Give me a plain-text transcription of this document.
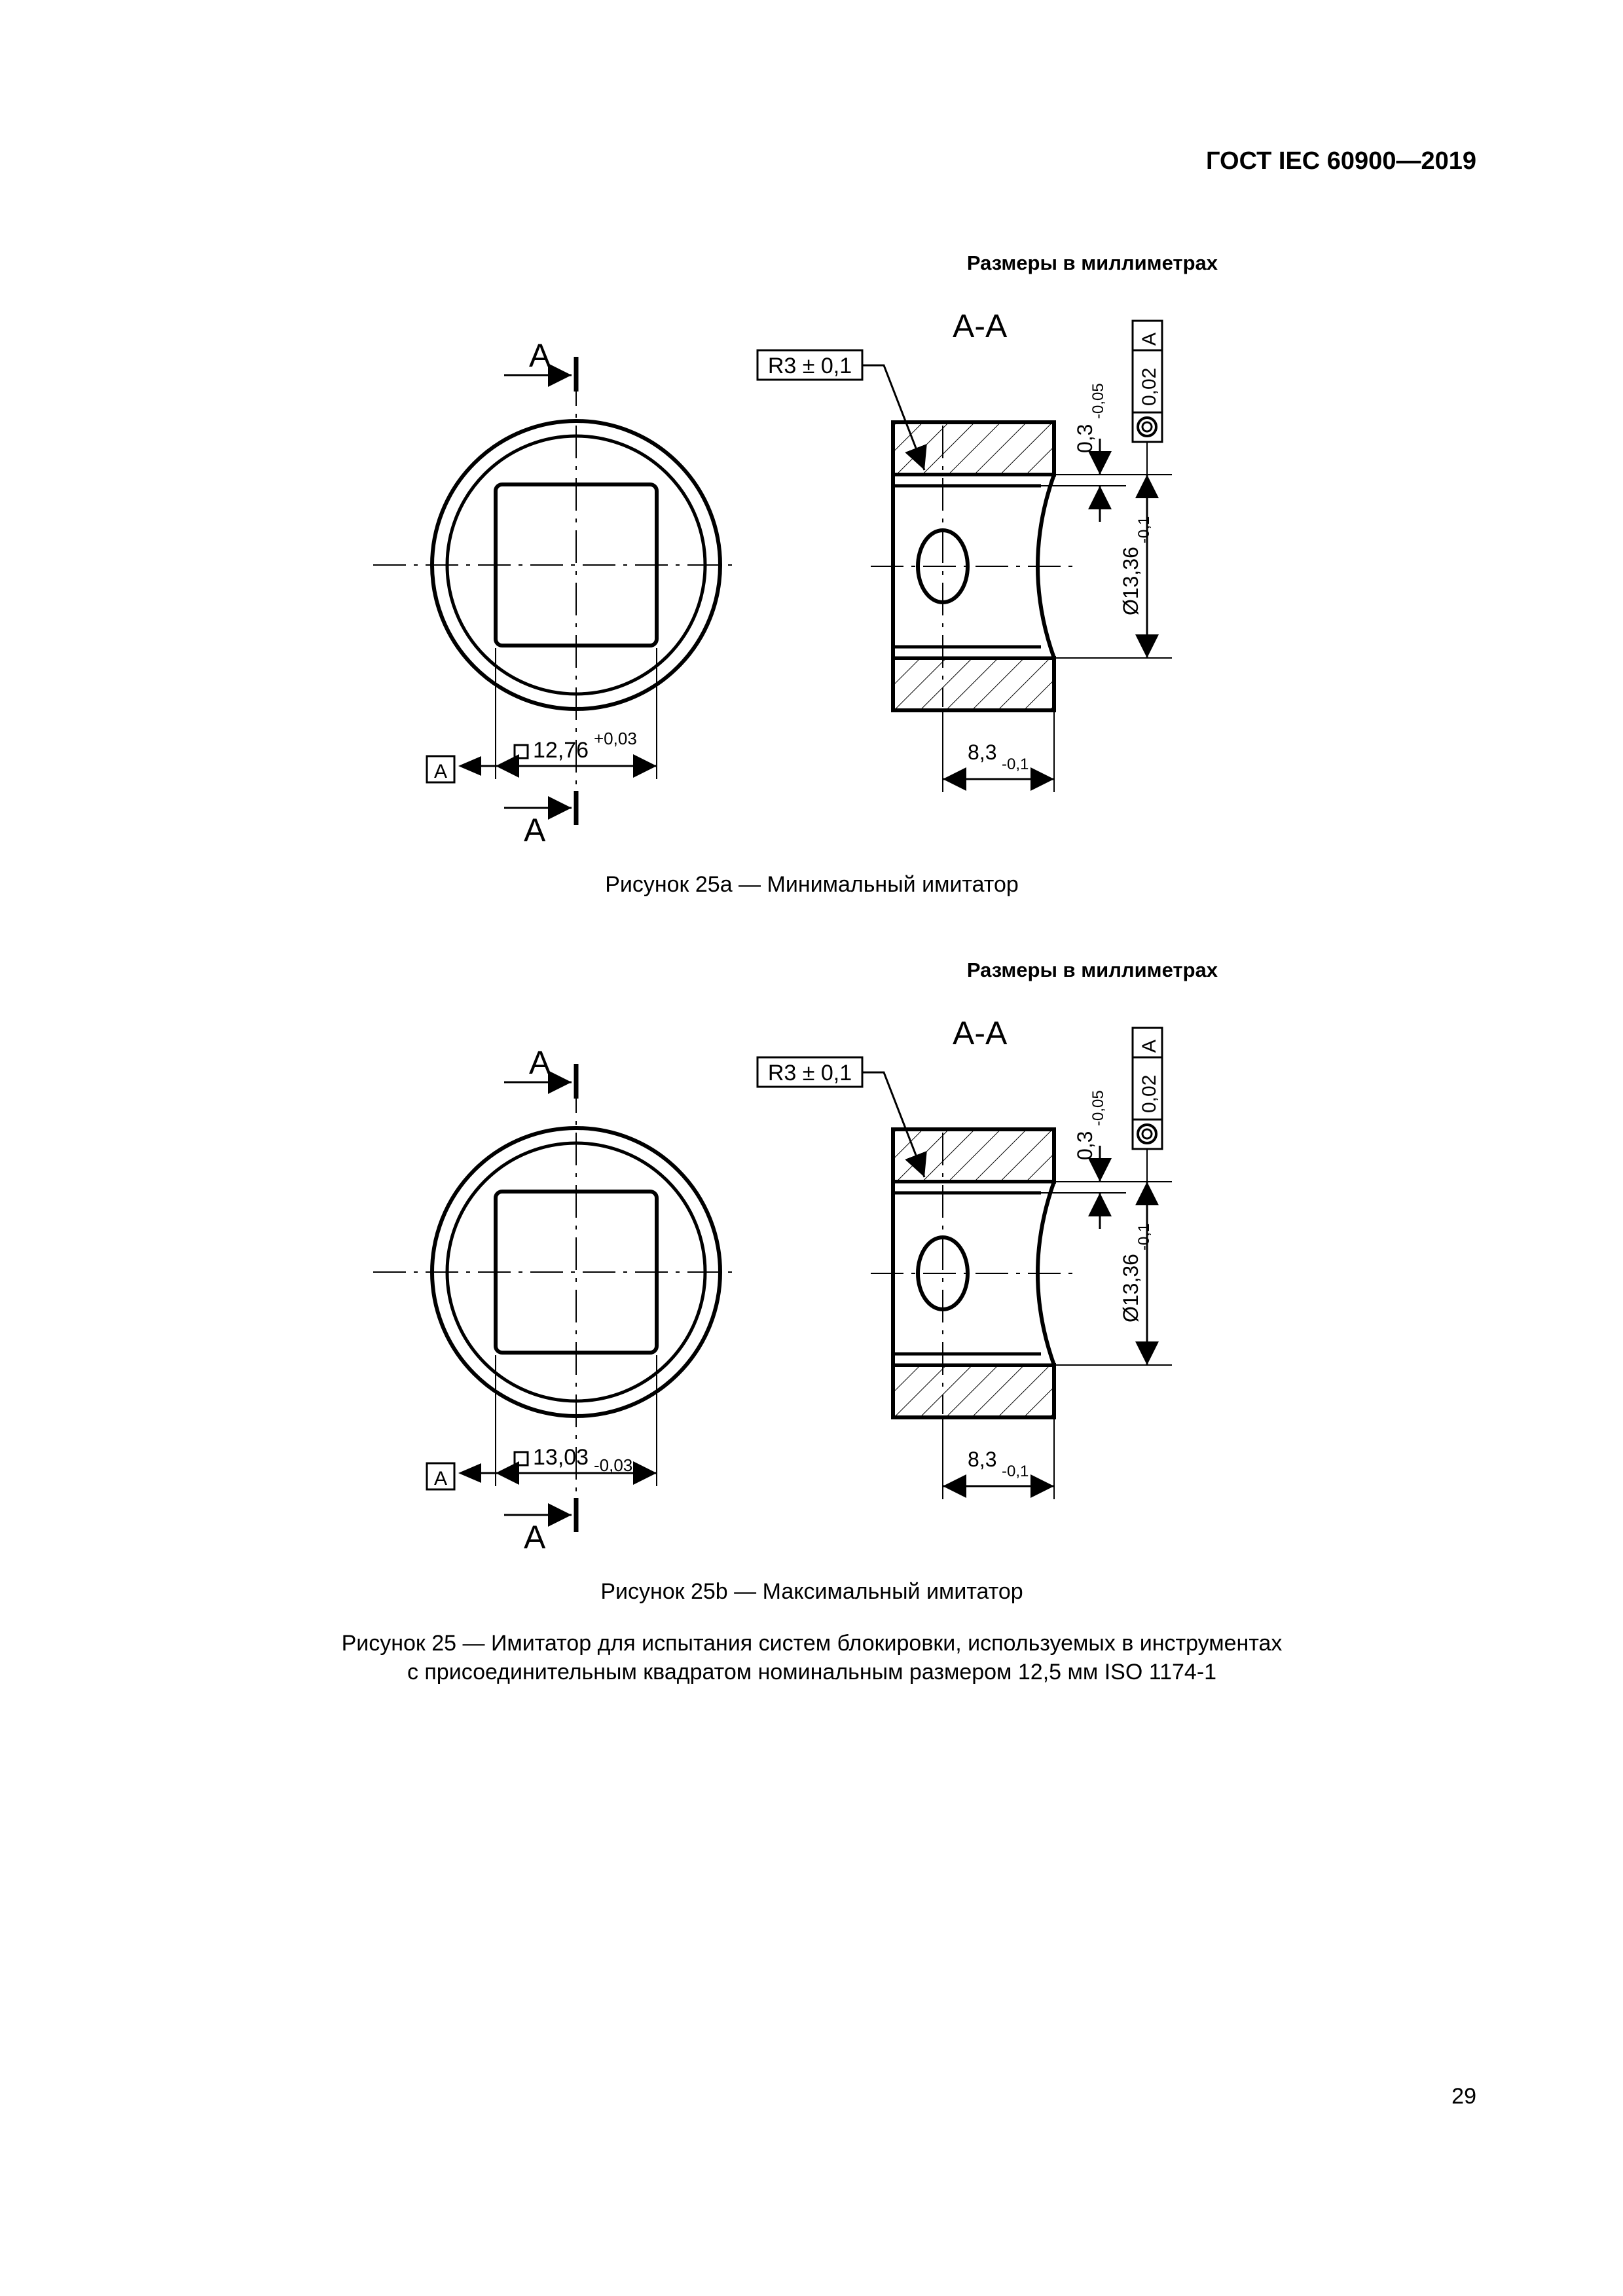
ГОСТ IEC 60900—2019
Размеры в миллиметрах
А
А
12,76 +0,03
А
А-А
R3 ± 0,1
0,3
-0,05
Ø13,36
-0,1
0,02
A
8,3
-0,1
Рисунок 25a — Минимальный имитатор
Размеры в миллиметрах
А
А
13,03 -0,03
А
А-А
R3 ± 0,1
0,3
-0,05
Ø13,36
-0,1
0,02
A
8,3
-0,1
Рисунок 25b — Максимальный имитатор
Рисунок 25 — Имитатор для испытания систем блокировки, используемых в инструментах
с присоединительным квадратом номинальным размером 12,5 мм ISO 1174-1
29
